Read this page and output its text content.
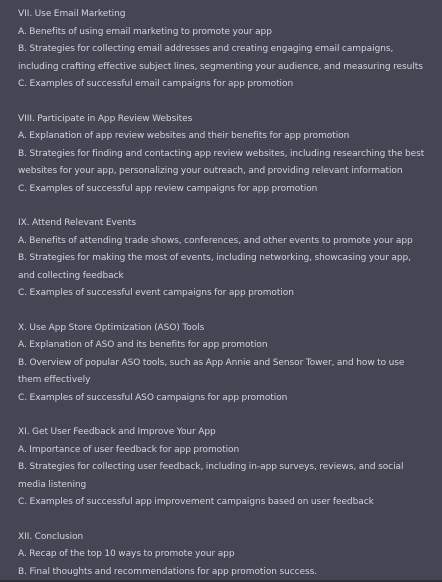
VII. Use Email Marketing
A. Benefits of using email marketing to promote your app
B. Strategies for collecting email addresses and creating engaging email campaigns, including crafting effective subject lines, segmenting your audience, and measuring results
C. Examples of successful email campaigns for app promotion
VIII. Participate in App Review Websites
A. Explanation of app review websites and their benefits for app promotion
B. Strategies for finding and contacting app review websites, including researching the best websites for your app, personalizing your outreach, and providing relevant information
C. Examples of successful app review campaigns for app promotion
IX. Attend Relevant Events
A. Benefits of attending trade shows, conferences, and other events to promote your app
B. Strategies for making the most of events, including networking, showcasing your app, and collecting feedback
C. Examples of successful event campaigns for app promotion
X. Use App Store Optimization (ASO) Tools
A. Explanation of ASO and its benefits for app promotion
B. Overview of popular ASO tools, such as App Annie and Sensor Tower, and how to use them effectively
C. Examples of successful ASO campaigns for app promotion
XI. Get User Feedback and Improve Your App
A. Importance of user feedback for app promotion
B. Strategies for collecting user feedback, including in-app surveys, reviews, and social media listening
C. Examples of successful app improvement campaigns based on user feedback
XII. Conclusion
A. Recap of the top 10 ways to promote your app
B. Final thoughts and recommendations for app promotion success.
